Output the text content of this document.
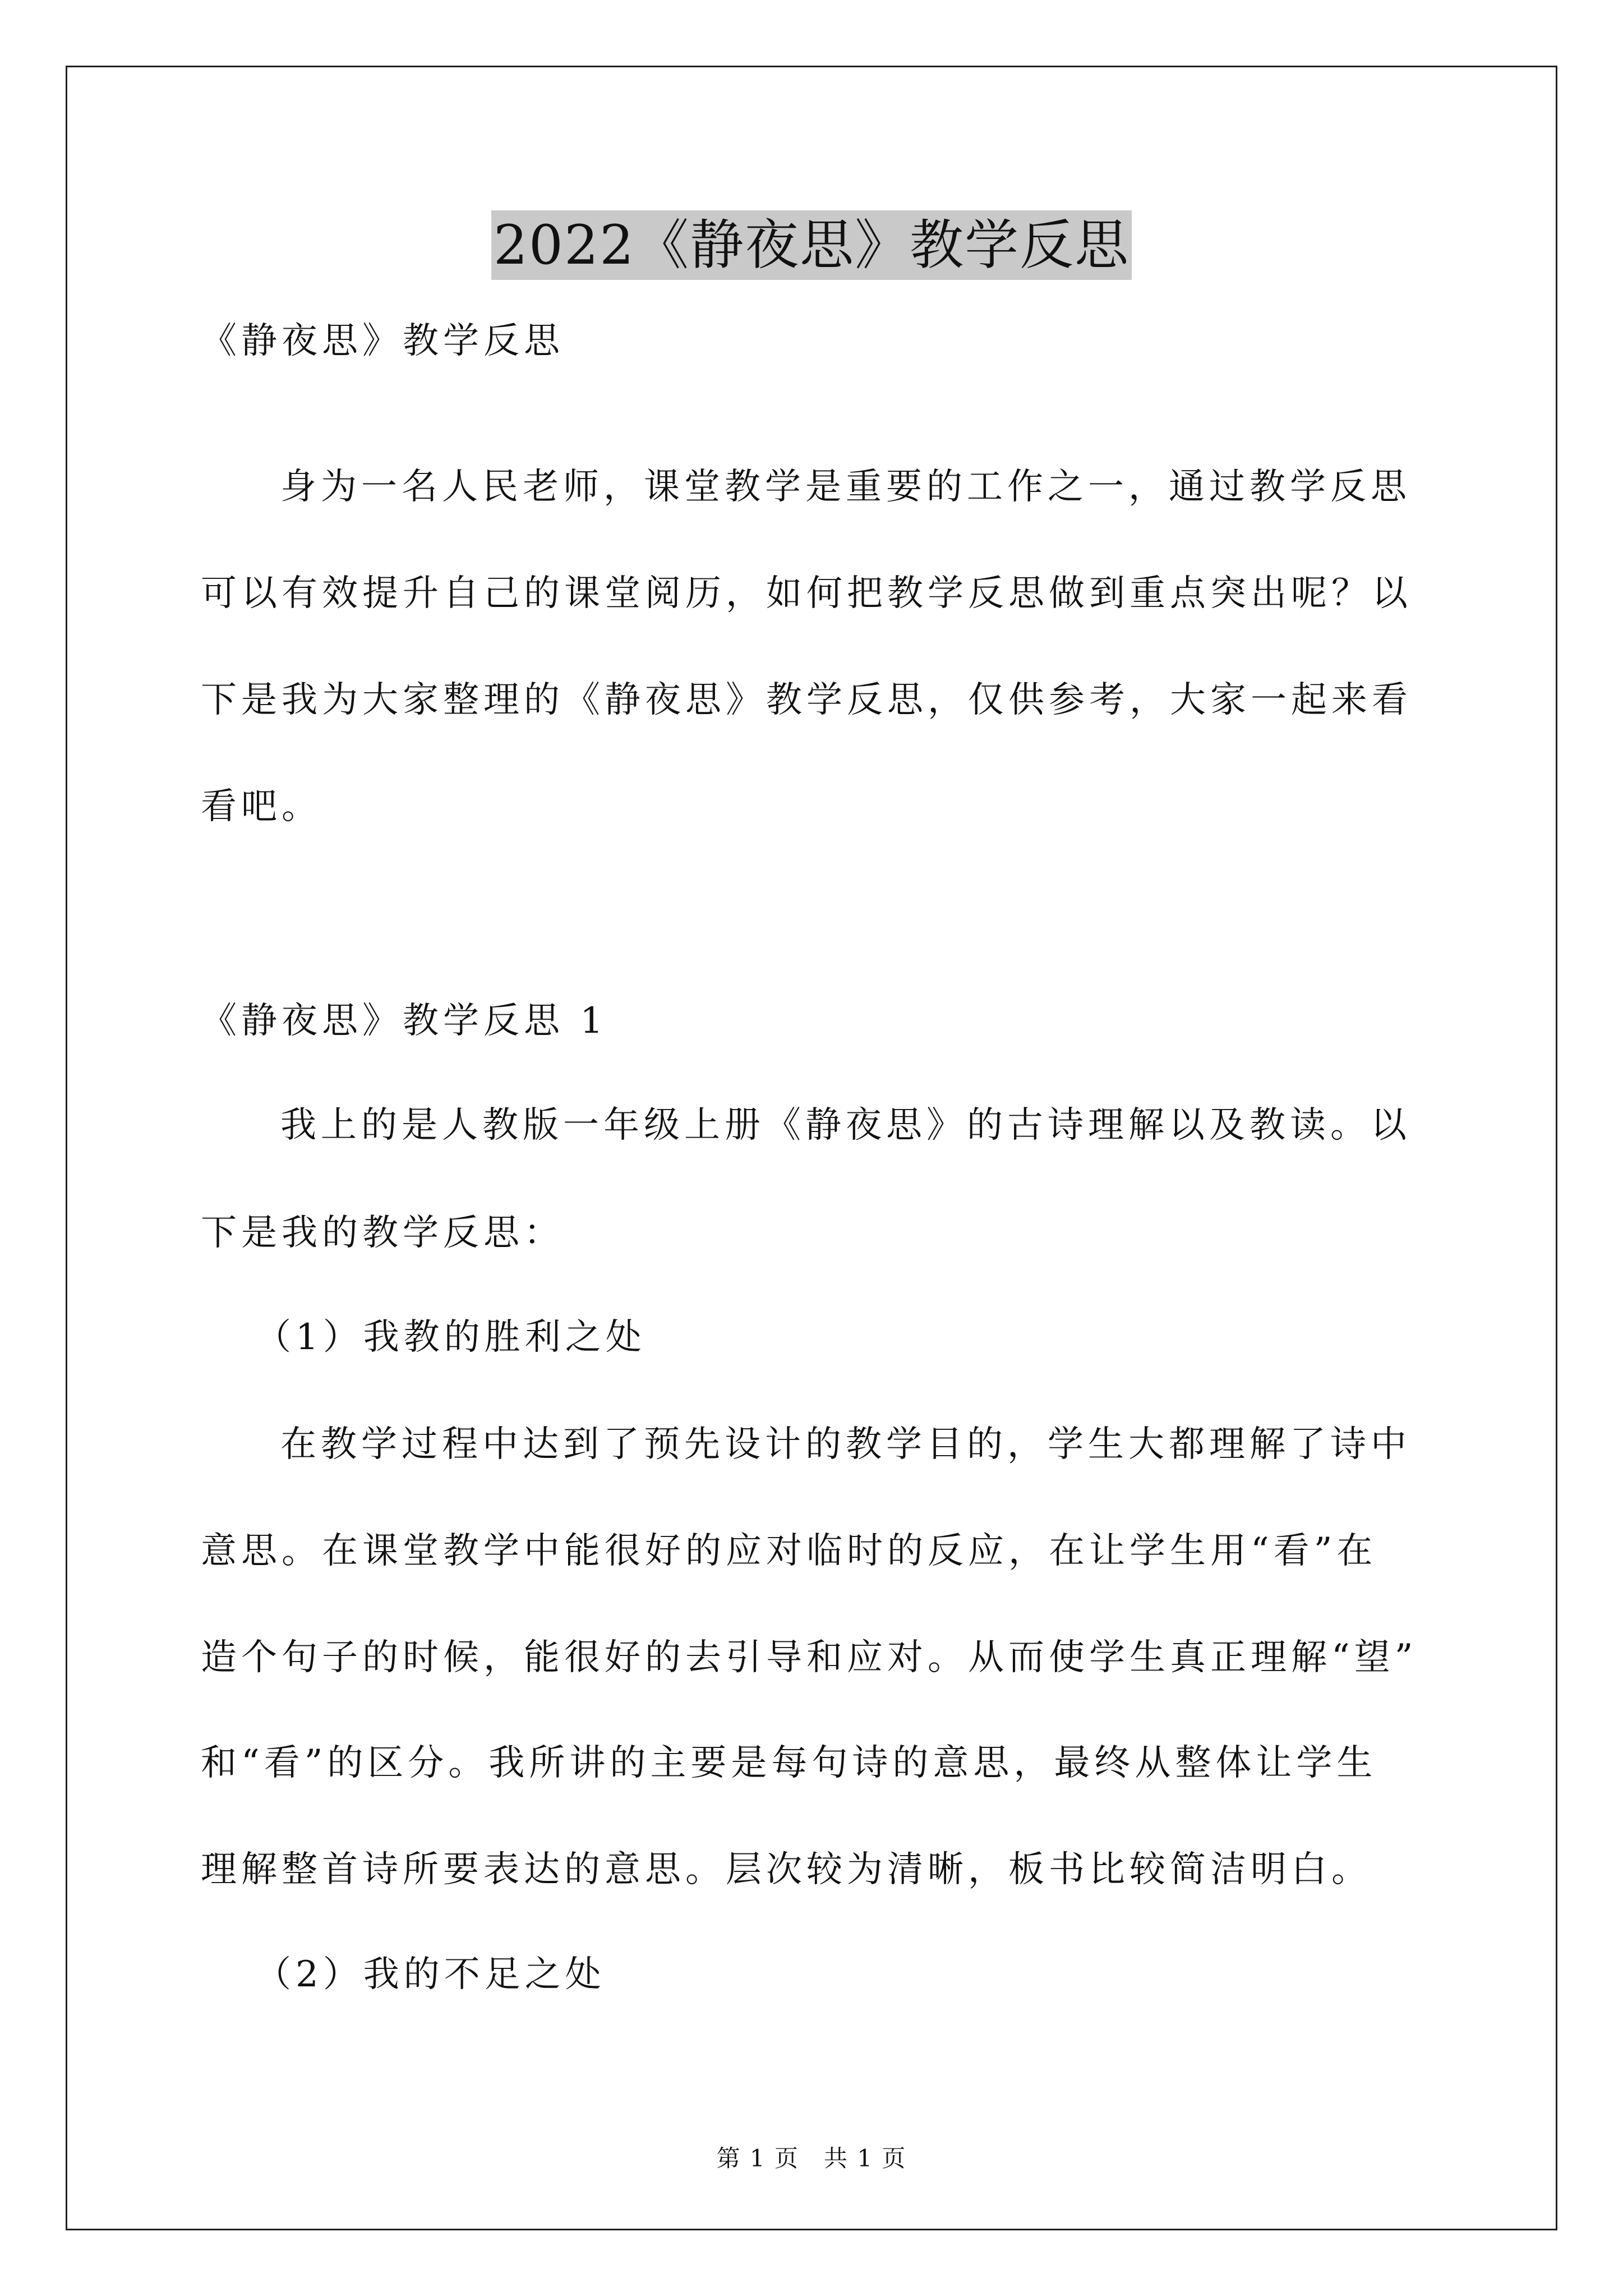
2022《静夜思》教学反思
《静夜思》教学反思
身为一名人民老师，课堂教学是重要的工作之一，通过教学反思
可以有效提升自己的课堂阅历，如何把教学反思做到重点突出呢？以
下是我为大家整理的《静夜思》教学反思，仅供参考，大家一起来看
看吧。
《静夜思》教学反思 1
我上的是人教版一年级上册《静夜思》的古诗理解以及教读。以
下是我的教学反思：
（1）我教的胜利之处
在教学过程中达到了预先设计的教学目的，学生大都理解了诗中
意思。在课堂教学中能很好的应对临时的反应，在让学生用“看”在
造个句子的时候，能很好的去引导和应对。从而使学生真正理解“望”
和“看”的区分。我所讲的主要是每句诗的意思，最终从整体让学生
理解整首诗所要表达的意思。层次较为清晰，板书比较简洁明白。
（2）我的不足之处
第 1 页　共 1 页
